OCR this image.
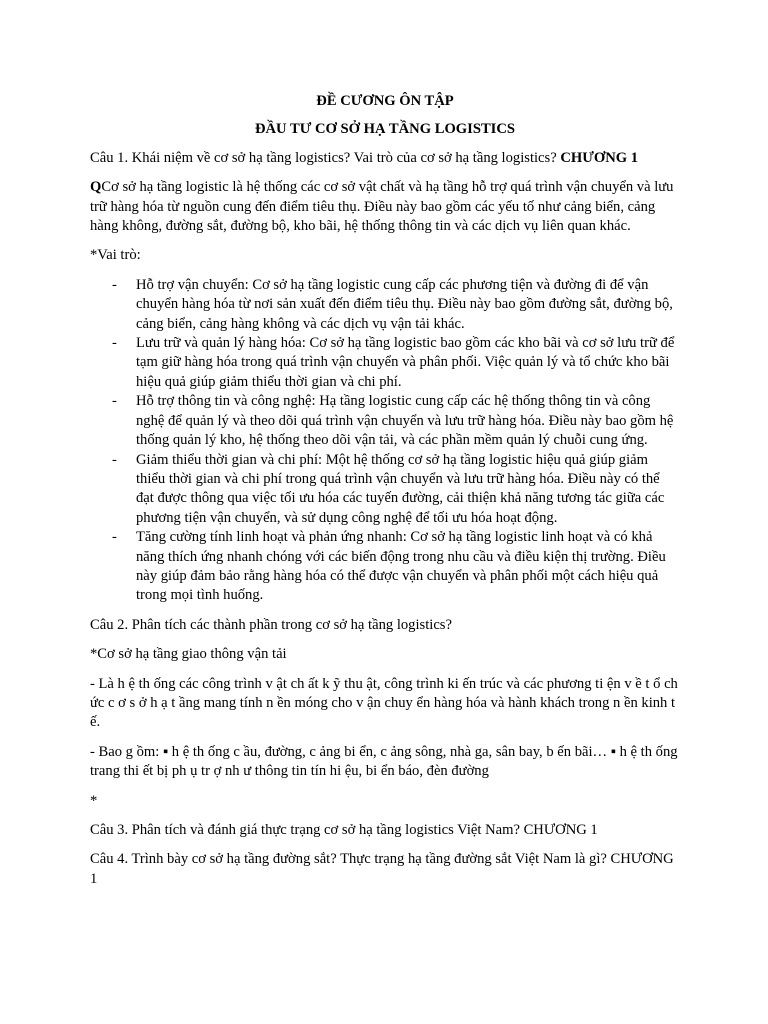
ĐỀ CƯƠNG ÔN TẬP

ĐẦU TƯ CƠ SỞ HẠ TẦNG LOGISTICS

Câu 1. Khái niệm về cơ sở hạ tầng logistics? Vai trò của cơ sở hạ tầng logistics? CHƯƠNG 1

QCơ sở hạ tầng logistic là hệ thống các cơ sở vật chất và hạ tầng hỗ trợ quá trình vận chuyển và lưu trữ hàng hóa từ nguồn cung đến điểm tiêu thụ. Điều này bao gồm các yếu tố như cảng biển, cảng hàng không, đường sắt, đường bộ, kho bãi, hệ thống thông tin và các dịch vụ liên quan khác.

*Vai trò:

- Hỗ trợ vận chuyển: Cơ sở hạ tầng logistic cung cấp các phương tiện và đường đi để vận chuyển hàng hóa từ nơi sản xuất đến điểm tiêu thụ. Điều này bao gồm đường sắt, đường bộ, cảng biển, cảng hàng không và các dịch vụ vận tải khác.
- Lưu trữ và quản lý hàng hóa: Cơ sở hạ tầng logistic bao gồm các kho bãi và cơ sở lưu trữ để tạm giữ hàng hóa trong quá trình vận chuyển và phân phối. Việc quản lý và tổ chức kho bãi hiệu quả giúp giảm thiểu thời gian và chi phí.
- Hỗ trợ thông tin và công nghệ: Hạ tầng logistic cung cấp các hệ thống thông tin và công nghệ để quản lý và theo dõi quá trình vận chuyển và lưu trữ hàng hóa. Điều này bao gồm hệ thống quản lý kho, hệ thống theo dõi vận tải, và các phần mềm quản lý chuỗi cung ứng.
- Giảm thiểu thời gian và chi phí: Một hệ thống cơ sở hạ tầng logistic hiệu quả giúp giảm thiểu thời gian và chi phí trong quá trình vận chuyển và lưu trữ hàng hóa. Điều này có thể đạt được thông qua việc tối ưu hóa các tuyến đường, cải thiện khả năng tương tác giữa các phương tiện vận chuyển, và sử dụng công nghệ để tối ưu hóa hoạt động.
- Tăng cường tính linh hoạt và phản ứng nhanh: Cơ sở hạ tầng logistic linh hoạt và có khả năng thích ứng nhanh chóng với các biến động trong nhu cầu và điều kiện thị trường. Điều này giúp đảm bảo rằng hàng hóa có thể được vận chuyển và phân phối một cách hiệu quả trong mọi tình huống.

Câu 2. Phân tích các thành phần trong cơ sở hạ tầng logistics?

*Cơ sở hạ tầng giao thông vận tải

- Là h ệ th ống các công trình v ật ch ất k ỹ thu ật, công trình ki ến trúc và các phương ti ện v ề t ổ ch ức c ơ s ở h ạ t ầng mang tính n ền móng cho v ận chuy ển hàng hóa và hành khách trong n ền kinh t ế.

- Bao g ồm: ▪ h ệ th ống c ầu, đường, c ảng bi ển, c ảng sông, nhà ga, sân bay, b ến bãi… ▪ h ệ th ống trang thi ết bị ph ụ tr ợ nh ư thông tin tín hi ệu, bi ển báo, đèn đường

*

Câu 3. Phân tích và đánh giá thực trạng cơ sở hạ tầng logistics Việt Nam? CHƯƠNG 1

Câu 4. Trình bày cơ sở hạ tầng đường sắt? Thực trạng hạ tầng đường sắt Việt Nam là gì? CHƯƠNG 1
